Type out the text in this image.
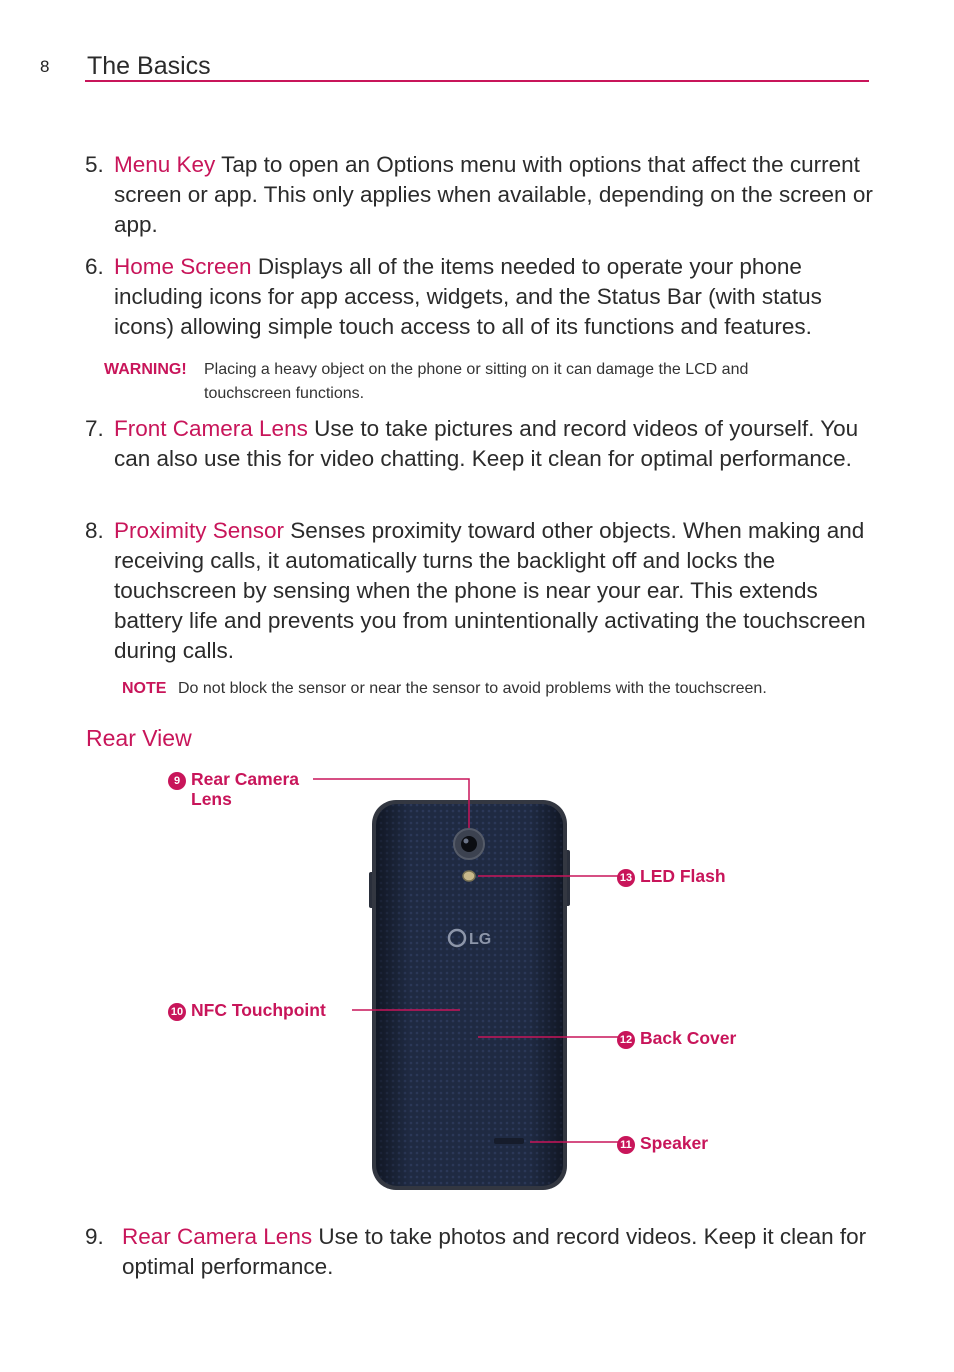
8 The Basics
5. Menu Key Tap to open an Options menu with options that affect the current screen or app. This only applies when available, depending on the screen or app.
6. Home Screen Displays all of the items needed to operate your phone including icons for app access, widgets, and the Status Bar (with status icons) allowing simple touch access to all of its functions and features.
WARNING! Placing a heavy object on the phone or sitting on it can damage the LCD and touchscreen functions.
7. Front Camera Lens Use to take pictures and record videos of yourself. You can also use this for video chatting. Keep it clean for optimal performance.
8. Proximity Sensor Senses proximity toward other objects. When making and receiving calls, it automatically turns the backlight off and locks the touchscreen by sensing when the phone is near your ear. This extends battery life and prevents you from unintentionally activating the touchscreen during calls.
NOTE Do not block the sensor or near the sensor to avoid problems with the touchscreen.
Rear View
LG
9 Rear Camera Lens
10 NFC Touchpoint
11 Speaker
12 Back Cover
13 LED Flash
9. Rear Camera Lens Use to take photos and record videos. Keep it clean for optimal performance.
